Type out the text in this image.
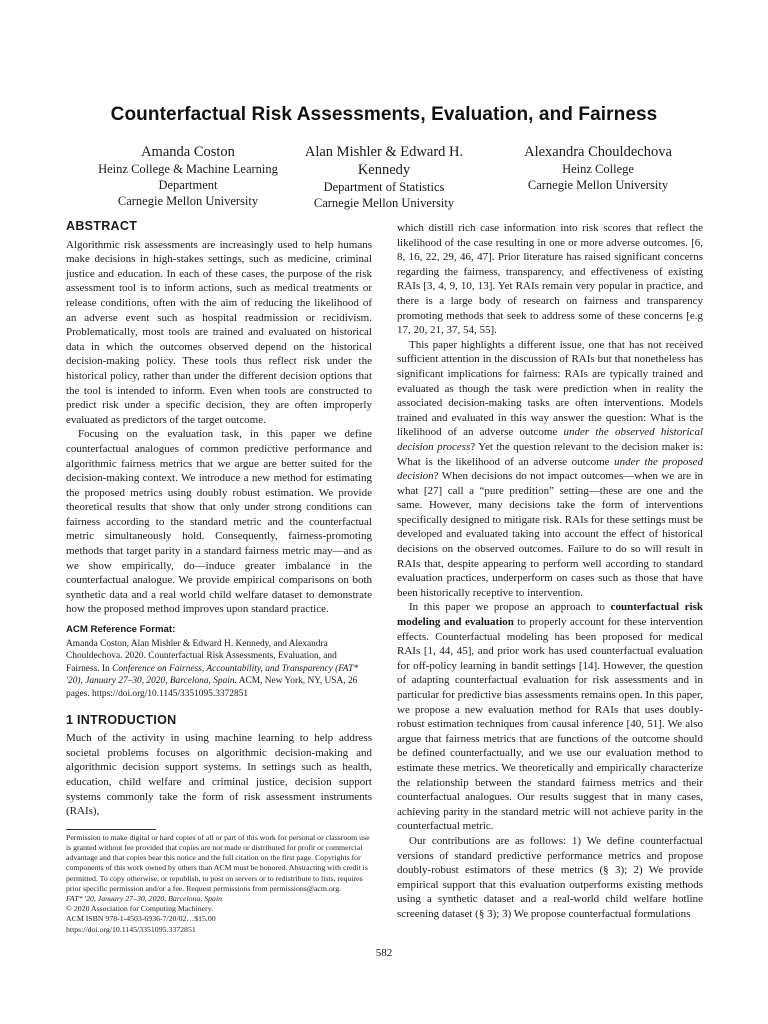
Counterfactual Risk Assessments, Evaluation, and Fairness
Amanda Coston
Heinz College & Machine Learning
Department
Carnegie Mellon University
Alan Mishler & Edward H. Kennedy
Department of Statistics
Carnegie Mellon University
Alexandra Chouldechova
Heinz College
Carnegie Mellon University
ABSTRACT

Algorithmic risk assessments are increasingly used to help humans make decisions in high-stakes settings, such as medicine, criminal justice and education. In each of these cases, the purpose of the risk assessment tool is to inform actions, such as medical treatments or release conditions, often with the aim of reducing the likelihood of an adverse event such as hospital readmission or recidivism. Problematically, most tools are trained and evaluated on historical data in which the outcomes observed depend on the historical decision-making policy. These tools thus reflect risk under the historical policy, rather than under the different decision options that the tool is intended to inform. Even when tools are constructed to predict risk under a specific decision, they are often improperly evaluated as predictors of the target outcome.

Focusing on the evaluation task, in this paper we define counterfactual analogues of common predictive performance and algorithmic fairness metrics that we argue are better suited for the decision-making context. We introduce a new method for estimating the proposed metrics using doubly robust estimation. We provide theoretical results that show that only under strong conditions can fairness according to the standard metric and the counterfactual metric simultaneously hold. Consequently, fairness-promoting methods that target parity in a standard fairness metric may—and as we show empirically, do—induce greater imbalance in the counterfactual analogue. We provide empirical comparisons on both synthetic data and a real world child welfare dataset to demonstrate how the proposed method improves upon standard practice.

ACM Reference Format:
Amanda Coston, Alan Mishler & Edward H. Kennedy, and Alexandra Chouldechova. 2020. Counterfactual Risk Assessments, Evaluation, and Fairness. In Conference on Fairness, Accountability, and Transparency (FAT* '20), January 27–30, 2020, Barcelona, Spain. ACM, New York, NY, USA, 26 pages. https://doi.org/10.1145/3351095.3372851
1 INTRODUCTION

Much of the activity in using machine learning to help address societal problems focuses on algorithmic decision-making and algorithmic decision support systems. In settings such as health, education, child welfare and criminal justice, decision support systems commonly take the form of risk assessment instruments (RAIs),

Permission to make digital or hard copies of all or part of this work for personal or classroom use is granted without fee provided that copies are not made or distributed for profit or commercial advantage and that copies bear this notice and the full citation on the first page. Copyrights for components of this work owned by others than ACM must be honored. Abstracting with credit is permitted. To copy otherwise, or republish, to post on servers or to redistribute to lists, requires prior specific permission and/or a fee. Request permissions from permissions@acm.org.

FAT* '20, January 27–30, 2020, Barcelona, Spain

© 2020 Association for Computing Machinery.

ACM ISBN 978-1-4503-6936-7/20/02…$15.00

https://doi.org/10.1145/3351095.3372851

which distill rich case information into risk scores that reflect the likelihood of the case resulting in one or more adverse outcomes. [6, 8, 16, 22, 29, 46, 47]. Prior literature has raised significant concerns regarding the fairness, transparency, and effectiveness of existing RAIs [3, 4, 9, 10, 13]. Yet RAIs remain very popular in practice, and there is a large body of research on fairness and transparency promoting methods that seek to address some of these concerns [e.g 17, 20, 21, 37, 54, 55].

This paper highlights a different issue, one that has not received sufficient attention in the discussion of RAIs but that nonetheless has significant implications for fairness: RAIs are typically trained and evaluated as though the task were prediction when in reality the associated decision-making tasks are often interventions. Models trained and evaluated in this way answer the question: What is the likelihood of an adverse outcome under the observed historical decision process? Yet the question relevant to the decision maker is: What is the likelihood of an adverse outcome under the proposed decision? When decisions do not impact outcomes—when we are in what [27] call a “pure predition” setting—these are one and the same. However, many decisions take the form of interventions specifically designed to mitigate risk. RAIs for these settings must be developed and evaluated taking into account the effect of historical decisions on the observed outcomes. Failure to do so will result in RAIs that, despite appearing to perform well according to standard evaluation practices, underperform on cases such as those that have been historically receptive to intervention.

In this paper we propose an approach to counterfactual risk modeling and evaluation to properly account for these intervention effects. Counterfactual modeling has been proposed for medical RAIs [1, 44, 45], and prior work has used counterfactual evaluation for off-policy learning in bandit settings [14]. However, the question of adapting counterfactual evaluation for risk assessments and in particular for predictive bias assessments remains open. In this paper, we propose a new evaluation method for RAIs that uses doubly-robust estimation techniques from causal inference [40, 51]. We also argue that fairness metrics that are functions of the outcome should be defined counterfactually, and we use our evaluation method to estimate these metrics. We theoretically and empirically characterize the relationship between the standard fairness metrics and their counterfactual analogues. Our results suggest that in many cases, achieving parity in the standard metric will not achieve parity in the counterfactual metric.

Our contributions are as follows: 1) We define counterfactual versions of standard predictive performance metrics and propose doubly-robust estimators of these metrics (§ 3); 2) We provide empirical support that this evaluation outperforms existing methods using a synthetic dataset and a real-world child welfare hotline screening dataset (§ 3); 3) We propose counterfactual formulations

582
